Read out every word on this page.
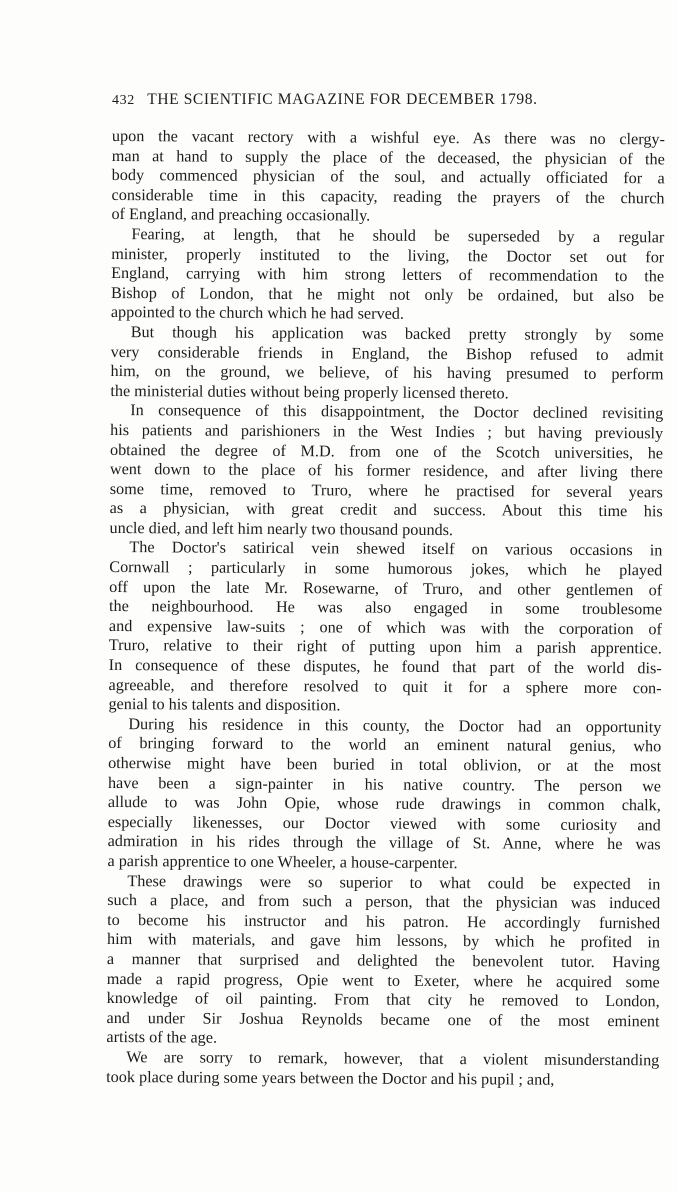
432 THE SCIENTIFIC MAGAZINE FOR DECEMBER 1798.
upon the vacant rectory with a wishful eye. As there was no clergy-
man at hand to supply the place of the deceased, the physician of the
body commenced physician of the soul, and actually officiated for a
considerable time in this capacity, reading the prayers of the church
of England, and preaching occasionally.
Fearing, at length, that he should be superseded by a regular
minister, properly instituted to the living, the Doctor set out for
England, carrying with him strong letters of recommendation to the
Bishop of London, that he might not only be ordained, but also be
appointed to the church which he had served.
But though his application was backed pretty strongly by some
very considerable friends in England, the Bishop refused to admit
him, on the ground, we believe, of his having presumed to perform
the ministerial duties without being properly licensed thereto.
In consequence of this disappointment, the Doctor declined revisiting
his patients and parishioners in the West Indies ; but having previously
obtained the degree of M.D. from one of the Scotch universities, he
went down to the place of his former residence, and after living there
some time, removed to Truro, where he practised for several years
as a physician, with great credit and success. About this time his
uncle died, and left him nearly two thousand pounds.
The Doctor's satirical vein shewed itself on various occasions in
Cornwall ; particularly in some humorous jokes, which he played
off upon the late Mr. Rosewarne, of Truro, and other gentlemen of
the neighbourhood. He was also engaged in some troublesome
and expensive law-suits ; one of which was with the corporation of
Truro, relative to their right of putting upon him a parish apprentice.
In consequence of these disputes, he found that part of the world dis-
agreeable, and therefore resolved to quit it for a sphere more con-
genial to his talents and disposition.
During his residence in this county, the Doctor had an opportunity
of bringing forward to the world an eminent natural genius, who
otherwise might have been buried in total oblivion, or at the most
have been a sign-painter in his native country. The person we
allude to was John Opie, whose rude drawings in common chalk,
especially likenesses, our Doctor viewed with some curiosity and
admiration in his rides through the village of St. Anne, where he was
a parish apprentice to one Wheeler, a house-carpenter.
These drawings were so superior to what could be expected in
such a place, and from such a person, that the physician was induced
to become his instructor and his patron. He accordingly furnished
him with materials, and gave him lessons, by which he profited in
a manner that surprised and delighted the benevolent tutor. Having
made a rapid progress, Opie went to Exeter, where he acquired some
knowledge of oil painting. From that city he removed to London,
and under Sir Joshua Reynolds became one of the most eminent
artists of the age.
We are sorry to remark, however, that a violent misunderstanding
took place during some years between the Doctor and his pupil ; and,
